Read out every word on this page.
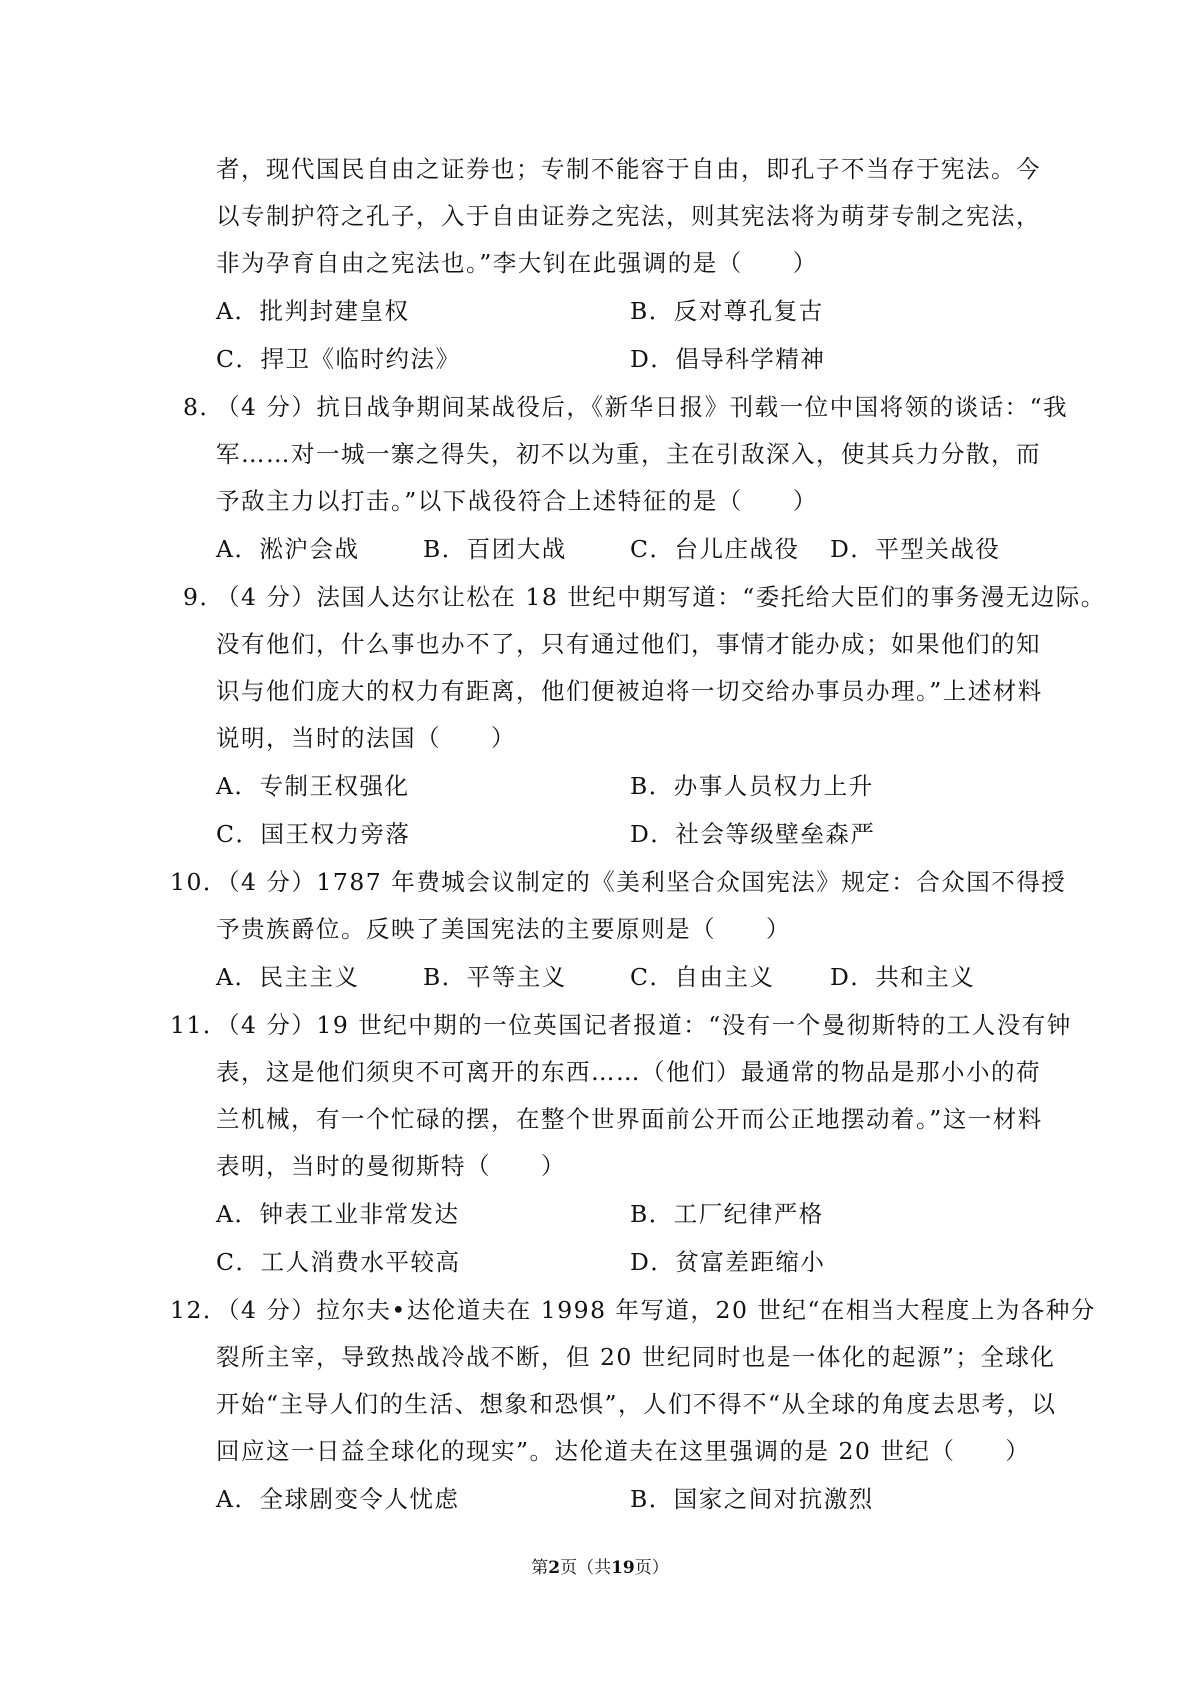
者，现代国民自由之证券也；专制不能容于自由，即孔子不当存于宪法。今
以专制护符之孔子，入于自由证券之宪法，则其宪法将为萌芽专制之宪法，
非为孕育自由之宪法也。”李大钊在此强调的是（　　）
A．批判封建皇权	B．反对尊孔复古
C．捍卫《临时约法》	D．倡导科学精神
8．
（4 分）抗日战争期间某战役后，《新华日报》刊载一位中国将领的谈话：“我
军……对一城一寨之得失，初不以为重，主在引敌深入，使其兵力分散，而
予敌主力以打击。”以下战役符合上述特征的是（　　）
A．淞沪会战	B．百团大战	C．台儿庄战役 D．平型关战役
9．
（4 分）法国人达尔让松在 18 世纪中期写道：“委托给大臣们的事务漫无边际。
没有他们，什么事也办不了，只有通过他们，事情才能办成；如果他们的知
识与他们庞大的权力有距离，他们便被迫将一切交给办事员办理。”上述材料
说明，当时的法国（　　）
A．专制王权强化	B．办事人员权力上升
C．国王权力旁落	D．社会等级壁垒森严
10．
（4 分）1787 年费城会议制定的《美利坚合众国宪法》规定：合众国不得授
予贵族爵位。反映了美国宪法的主要原则是（　　）
A．民主主义	B．平等主义	C．自由主义 D．共和主义
11．
（4 分）19 世纪中期的一位英国记者报道：“没有一个曼彻斯特的工人没有钟
表，这是他们须臾不可离开的东西……（他们）最通常的物品是那小小的荷
兰机械，有一个忙碌的摆，在整个世界面前公开而公正地摆动着。”这一材料
表明，当时的曼彻斯特（　　）
A．钟表工业非常发达	B．工厂纪律严格
C．工人消费水平较高	D．贫富差距缩小
12．
（4 分）拉尔夫•达伦道夫在 1998 年写道，20 世纪“在相当大程度上为各种分
裂所主宰，导致热战冷战不断，但 20 世纪同时也是一体化的起源”；全球化
开始“主导人们的生活、想象和恐惧”，人们不得不“从全球的角度去思考，以
回应这一日益全球化的现实”。达伦道夫在这里强调的是 20 世纪（　　）
A．全球剧变令人忧虑	B．国家之间对抗激烈
第2页（共19页）
